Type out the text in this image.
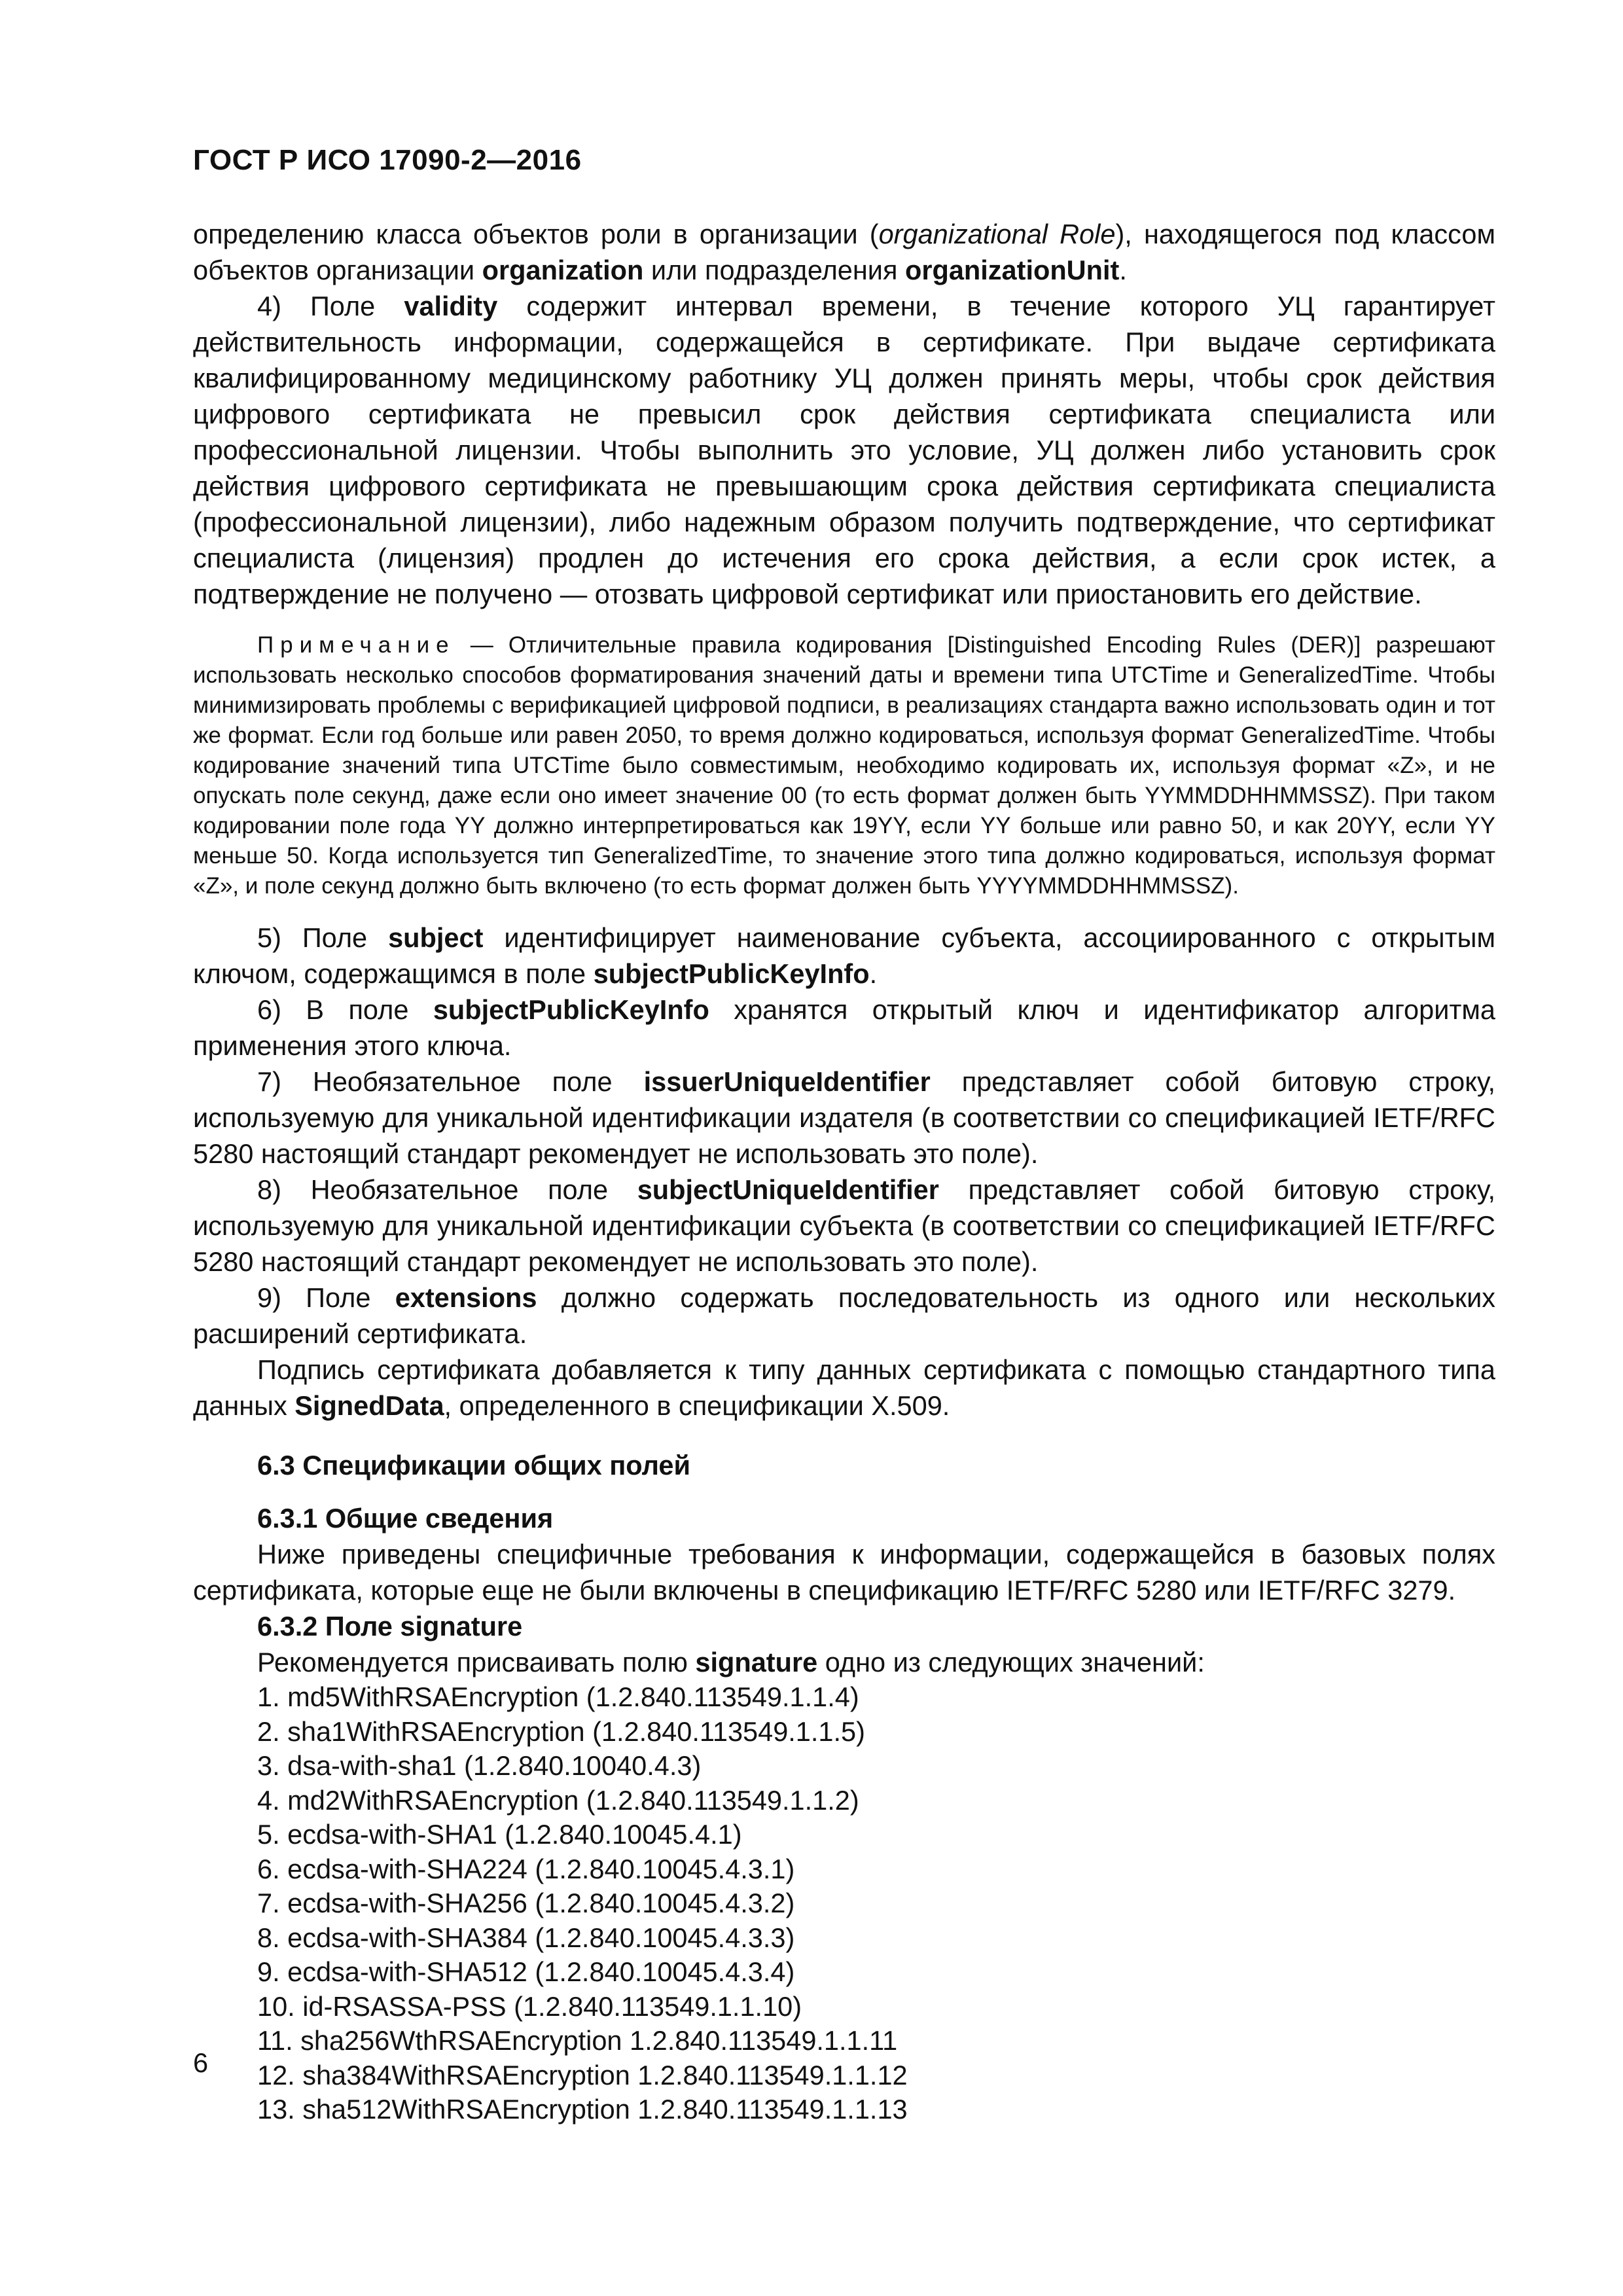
ГОСТ Р ИСО 17090-2—2016

определению класса объектов роли в организации (organizational Role), находящегося под классом объектов организации organization или подразделения organizationUnit.

4) Поле validity содержит интервал времени, в течение которого УЦ гарантирует действительность информации, содержащейся в сертификате. При выдаче сертификата квалифицированному медицинскому работнику УЦ должен принять меры, чтобы срок действия цифрового сертификата не превысил срок действия сертификата специалиста или профессиональной лицензии. Чтобы выполнить это условие, УЦ должен либо установить срок действия цифрового сертификата не превышающим срока действия сертификата специалиста (профессиональной лицензии), либо надежным образом получить подтверждение, что сертификат специалиста (лицензия) продлен до истечения его срока действия, а если срок истек, а подтверждение не получено — отозвать цифровой сертификат или приостановить его действие.

Примечание — Отличительные правила кодирования [Distinguished Encoding Rules (DER)] разрешают использовать несколько способов форматирования значений даты и времени типа UTCTime и GeneralizedTime. Чтобы минимизировать проблемы с верификацией цифровой подписи, в реализациях стандарта важно использовать один и тот же формат. Если год больше или равен 2050, то время должно кодироваться, используя формат GeneralizedTime. Чтобы кодирование значений типа UTCTime было совместимым, необходимо кодировать их, используя формат «Z», и не опускать поле секунд, даже если оно имеет значение 00 (то есть формат должен быть YYMMDDHHMMSSZ). При таком кодировании поле года YY должно интерпретироваться как 19YY, если YY больше или равно 50, и как 20YY, если YY меньше 50. Когда используется тип GeneralizedTime, то значение этого типа должно кодироваться, используя формат «Z», и поле секунд должно быть включено (то есть формат должен быть YYYYMMDDHHMMSSZ).

5) Поле subject идентифицирует наименование субъекта, ассоциированного с открытым ключом, содержащимся в поле subjectPublicKeyInfo.

6) В поле subjectPublicKeyInfo хранятся открытый ключ и идентификатор алгоритма применения этого ключа.

7) Необязательное поле issuerUniqueIdentifier представляет собой битовую строку, используемую для уникальной идентификации издателя (в соответствии со спецификацией IETF/RFC 5280 настоящий стандарт рекомендует не использовать это поле).

8) Необязательное поле subjectUniqueIdentifier представляет собой битовую строку, используемую для уникальной идентификации субъекта (в соответствии со спецификацией IETF/RFC 5280 настоящий стандарт рекомендует не использовать это поле).

9) Поле extensions должно содержать последовательность из одного или нескольких расширений сертификата.

Подпись сертификата добавляется к типу данных сертификата с помощью стандартного типа данных SignedData, определенного в спецификации X.509.

6.3 Спецификации общих полей

6.3.1 Общие сведения

Ниже приведены специфичные требования к информации, содержащейся в базовых полях сертификата, которые еще не были включены в спецификацию IETF/RFC 5280 или IETF/RFC 3279.

6.3.2 Поле signature

Рекомендуется присваивать полю signature одно из следующих значений:

1. md5WithRSAEncryption (1.2.840.113549.1.1.4)
2. sha1WithRSAEncryption (1.2.840.113549.1.1.5)
3. dsa-with-sha1 (1.2.840.10040.4.3)
4. md2WithRSAEncryption (1.2.840.113549.1.1.2)
5. ecdsa-with-SHA1 (1.2.840.10045.4.1)
6. ecdsa-with-SHA224 (1.2.840.10045.4.3.1)
7. ecdsa-with-SHA256 (1.2.840.10045.4.3.2)
8. ecdsa-with-SHA384 (1.2.840.10045.4.3.3)
9. ecdsa-with-SHA512 (1.2.840.10045.4.3.4)
10. id-RSASSA-PSS (1.2.840.113549.1.1.10)
11. sha256WthRSAEncryption 1.2.840.113549.1.1.11
12. sha384WithRSAEncryption 1.2.840.113549.1.1.12
13. sha512WithRSAEncryption 1.2.840.113549.1.1.13
6
